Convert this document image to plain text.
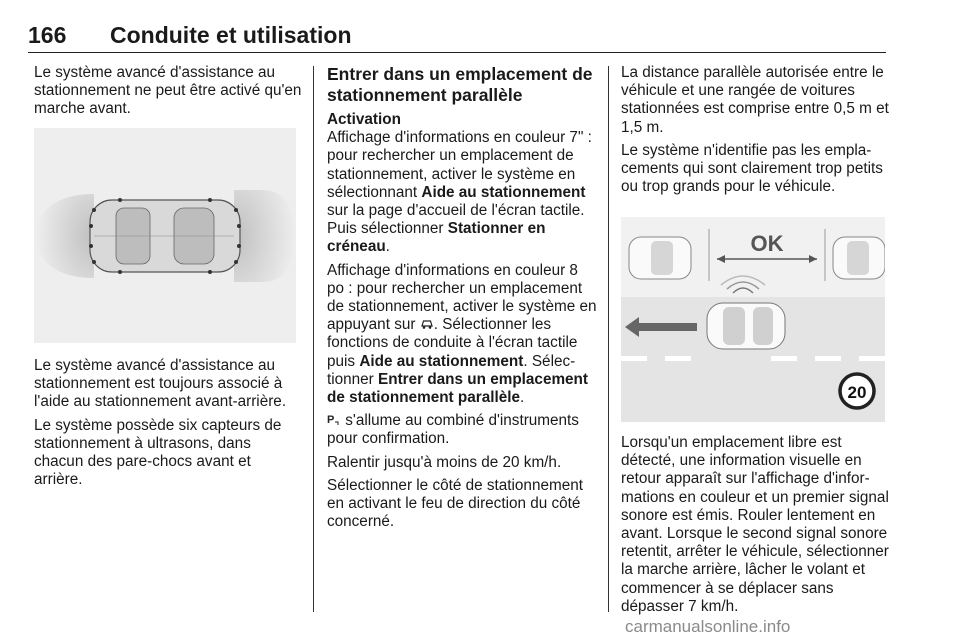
166 Conduite et utilisation

Le système avancé d'assistance au stationnement ne peut être activé qu'en marche avant.

Le système avancé d'assistance au stationnement est toujours associé à l'aide au stationnement avant-arrière.

Le système possède six capteurs de stationnement à ultrasons, dans chacun des pare-chocs avant et arrière.

Entrer dans un emplacement de stationnement parallèle

Activation

Affichage d'informations en couleur 7" : pour rechercher un emplacement de stationnement, activer le système en sélectionnant Aide au stationnement sur la page d'accueil de l'écran tactile. Puis sélectionner Stationner en créneau.

Affichage d'informations en couleur 8 po : pour rechercher un emplacement de stationnement, activer le système en appuyant sur . Sélectionner les fonctions de conduite à l'écran tactile puis Aide au stationnement. Sélectionner Entrer dans un emplacement de stationnement parallèle.

P s'allume au combiné d'instruments pour confirmation.

Ralentir jusqu'à moins de 20 km/h.

Sélectionner le côté de stationnement en activant le feu de direction du côté concerné.

La distance parallèle autorisée entre le véhicule et une rangée de voitures stationnées est comprise entre 0,5 m et 1,5 m.

Le système n'identifie pas les emplacements qui sont clairement trop petits ou trop grands pour le véhicule.

OK
20

Lorsqu'un emplacement libre est détecté, une information visuelle en retour apparaît sur l'affichage d'informations en couleur et un premier signal sonore est émis. Rouler lentement en avant. Lorsque le second signal sonore retentit, arrêter le véhicule, sélectionner la marche arrière, lâcher le volant et commencer à se déplacer sans dépasser 7 km/h.

carmanualsonline.info
